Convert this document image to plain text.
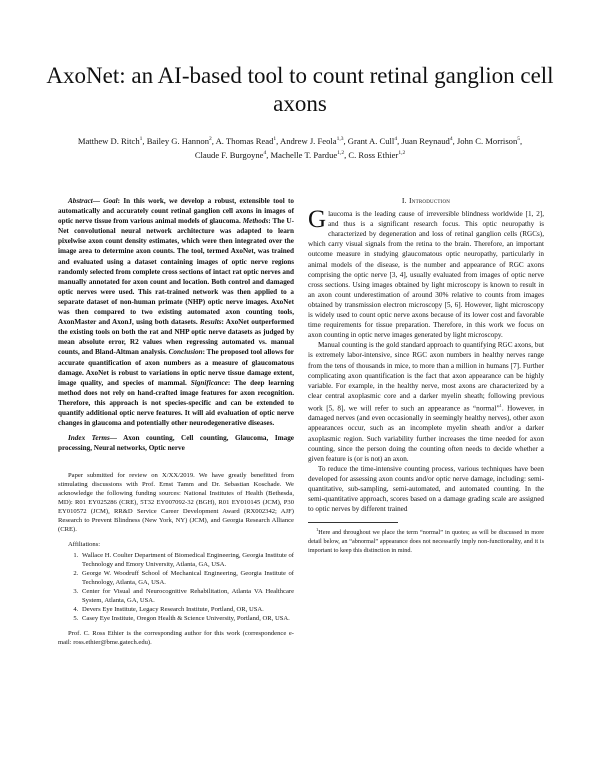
AxoNet: an AI-based tool to count retinal ganglion cell axons
Matthew D. Ritch$^1$, Bailey G. Hannon$^2$, A. Thomas Read$^1$, Andrew J. Feola$^{1,3}$, Grant A. Cull$^4$, Juan Reynaud$^4$, John C. Morrison$^5$, Claude F. Burgoyne$^4$, Machelle T. Pardue$^{1,2}$, C. Ross Ethier$^{1,2}$

Abstract— Goal: In this work, we develop a robust, extensible tool to automatically and accurately count retinal ganglion cell axons in images of optic nerve tissue from various animal models of glaucoma. Methods: The U-Net convolutional neural network architecture was adapted to learn pixelwise axon count density estimates, which were then integrated over the image area to determine axon counts. The tool, termed AxoNet, was trained and evaluated using a dataset containing images of optic nerve regions randomly selected from complete cross sections of intact rat optic nerves and manually annotated for axon count and location. Both control and damaged optic nerves were used. This rat-trained network was then applied to a separate dataset of non-human primate (NHP) optic nerve images. AxoNet was then compared to two existing automated axon counting tools, AxonMaster and AxonJ, using both datasets. Results: AxoNet outperformed the existing tools on both the rat and NHP optic nerve datasets as judged by mean absolute error, R2 values when regressing automated vs. manual counts, and Bland-Altman analysis. Conclusion: The proposed tool allows for accurate quantification of axon numbers as a measure of glaucomatous damage. AxoNet is robust to variations in optic nerve tissue damage extent, image quality, and species of mammal. Significance: The deep learning method does not rely on hand-crafted image features for axon recognition. Therefore, this approach is not species-specific and can be extended to quantify additional optic nerve features. It will aid evaluation of optic nerve changes in glaucoma and potentially other neurodegenerative diseases.

Index Terms— Axon counting, Cell counting, Glaucoma, Image processing, Neural networks, Optic nerve

Paper submitted for review on X/XX/2019. We have greatly benefitted from stimulating discussions with Prof. Ernst Tamm and Dr. Sebastian Koschade. We acknowledge the following funding sources: National Institutes of Health (Bethesda, MD): R01 EY025286 (CRE), 5T32 EY007092-32 (BGH), R01 EY010145 (JCM), P30 EY010572 (JCM), RR&D Service Career Development Award (RX002342; AJF) Research to Prevent Blindness (New York, NY) (JCM), and Georgia Research Alliance (CRE).

Affiliations:

1. Wallace H. Coulter Department of Biomedical Engineering, Georgia Institute of Technology and Emory University, Atlanta, GA, USA.
2. George W. Woodruff School of Mechanical Engineering, Georgia Institute of Technology, Atlanta, GA, USA.
3. Center for Visual and Neurocognitive Rehabilitation, Atlanta VA Healthcare System, Atlanta, GA, USA.
4. Devers Eye Institute, Legacy Research Institute, Portland, OR, USA.
5. Casey Eye Institute, Oregon Health & Science University, Portland, OR, USA.

Prof. C. Ross Ethier is the corresponding author for this work (correspondence e-mail: ross.ethier@bme.gatech.edu).

I. Introduction

Glaucoma is the leading cause of irreversible blindness worldwide [1, 2], and thus is a significant research focus. This optic neuropathy is characterized by degeneration and loss of retinal ganglion cells (RGCs), which carry visual signals from the retina to the brain. Therefore, an important outcome measure in studying glaucomatous optic neuropathy, particularly in animal models of the disease, is the number and appearance of RGC axons comprising the optic nerve [3, 4], usually evaluated from images of optic nerve cross sections. Using images obtained by light microscopy is known to result in an axon count underestimation of around 30% relative to counts from images obtained by transmission electron microscopy [5, 6]. However, light microscopy is widely used to count optic nerve axons because of its lower cost and favorable time requirements for tissue preparation. Therefore, in this work we focus on axon counting in optic nerve images generated by light microscopy.

Manual counting is the gold standard approach to quantifying RGC axons, but is extremely labor-intensive, since RGC axon numbers in healthy nerves range from the tens of thousands in mice, to more than a million in humans [7]. Further complicating axon quantification is the fact that axon appearance can be highly variable. For example, in the healthy nerve, most axons are characterized by a clear central axoplasmic core and a darker myelin sheath; following previous work [5, 8], we will refer to such an appearance as “normal”$^1$. However, in damaged nerves (and even occasionally in seemingly healthy nerves), other axon appearances occur, such as an incomplete myelin sheath and/or a darker axoplasmic region. Such variability further increases the time needed for axon counting, since the person doing the counting often needs to decide whether a given feature is (or is not) an axon.

To reduce the time-intensive counting process, various techniques have been developed for assessing axon counts and/or optic nerve damage, including: semi-quantitative, sub-sampling, semi-automated, and automated counting. In the semi-quantitative approach, scores based on a damage grading scale are assigned to optic nerves by different trained

$^1$Here and throughout we place the term “normal” in quotes; as will be discussed in more detail below, an “abnormal” appearance does not necessarily imply non-functionality, and it is important to keep this distinction in mind.
